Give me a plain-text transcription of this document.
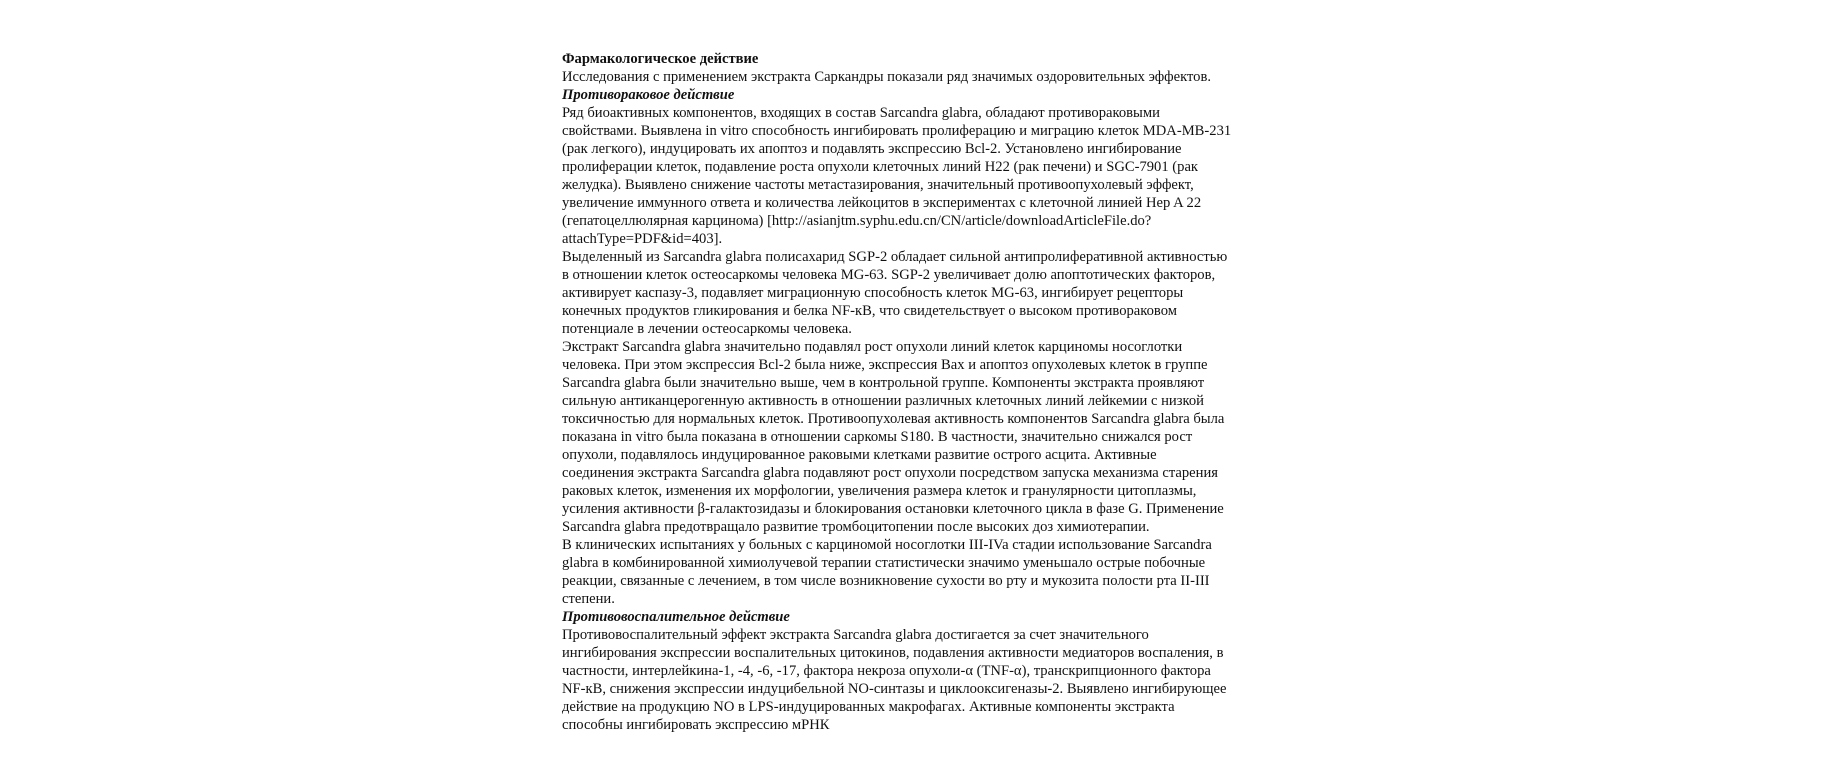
Фармакологическое действие

Исследования с применением экстракта Саркандры показали ряд значимых оздоровительных эффектов.

Противораковое действие

Ряд биоактивных компонентов, входящих в состав Sarcandra glabra, обладают противораковыми свойствами. Выявлена in vitro способность ингибировать пролиферацию и миграцию клеток MDA-MB-231 (рак легкого), индуцировать их апоптоз и подавлять экспрессию Bcl-2. Установлено ингибирование пролиферации клеток, подавление роста опухоли клеточных линий H22 (рак печени) и SGC-7901 (рак желудка). Выявлено снижение частоты метастазирования, значительный противоопухолевый эффект, увеличение иммунного ответа и количества лейкоцитов в экспериментах с клеточной линией Hep A 22 (гепатоцеллюлярная карцинома) [http://asianjtm.syphu.edu.cn/CN/article/downloadArticleFile.do?attachType=PDF&id=403].

Выделенный из Sarcandra glabra полисахарид SGP-2 обладает сильной антипролиферативной активностью в отношении клеток остеосаркомы человека MG-63. SGP-2 увеличивает долю апоптотических факторов, активирует каспазу-3, подавляет миграционную способность клеток MG-63, ингибирует рецепторы конечных продуктов гликирования и белка NF-кB, что свидетельствует о высоком противораковом потенциале в лечении остеосаркомы человека.

Экстракт Sarcandra glabra значительно подавлял рост опухоли линий клеток карциномы носоглотки человека. При этом экспрессия Bcl-2 была ниже, экспрессия Bax и апоптоз опухолевых клеток в группе Sarcandra glabra были значительно выше, чем в контрольной группе. Компоненты экстракта проявляют сильную антиканцерогенную активность в отношении различных клеточных линий лейкемии с низкой токсичностью для нормальных клеток. Противоопухолевая активность компонентов Sarcandra glabra была показана in vitro была показана в отношении саркомы S180. В частности, значительно снижался рост опухоли, подавлялось индуцированное раковыми клетками развитие острого асцита. Активные соединения экстракта Sarcandra glabra подавляют рост опухоли посредством запуска механизма старения раковых клеток, изменения их морфологии, увеличения размера клеток и гранулярности цитоплазмы, усиления активности β-галактозидазы и блокирования остановки клеточного цикла в фазе G. Применение Sarcandra glabra предотвращало развитие тромбоцитопении после высоких доз химиотерапии.

В клинических испытаниях у больных с карциномой носоглотки III-IVa стадии использование Sarcandra glabra в комбинированной химиолучевой терапии статистически значимо уменьшало острые побочные реакции, связанные с лечением, в том числе возникновение сухости во рту и мукозита полости рта II-III степени.

Противовоспалительное действие

Противовоспалительный эффект экстракта Sarcandra glabra достигается за счет значительного ингибирования экспрессии воспалительных цитокинов, подавления активности медиаторов воспаления, в частности, интерлейкина-1, -4, -6, -17, фактора некроза опухоли-α (TNF-α), транскрипционного фактора NF-кB, снижения экспрессии индуцибельной NO-синтазы и циклооксигеназы-2. Выявлено ингибирующее действие на продукцию NO в LPS-индуцированных макрофагах. Активные компоненты экстракта способны ингибировать экспрессию мРНК
